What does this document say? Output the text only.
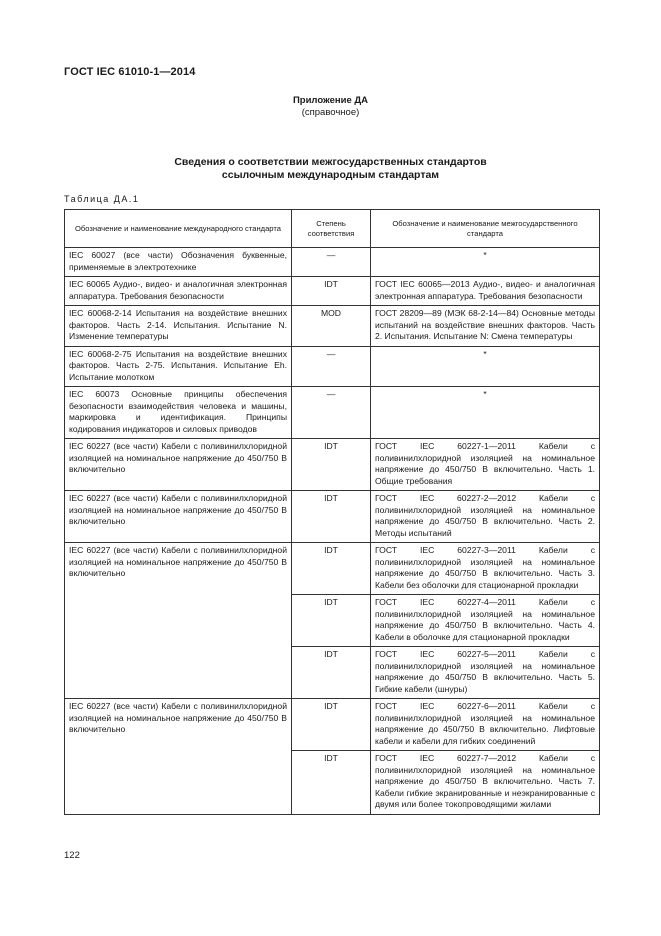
ГОСТ IEC 61010-1—2014
Приложение ДА
(справочное)
Сведения о соответствии межгосударственных стандартов
ссылочным международным стандартам
Таблица ДА.1
Обозначение и наименование международного стандарта	Степень соответствия	Обозначение и наименование межгосударственного стандарта
IEC 60027 (все части) Обозначения буквенные, применяемые в электротехнике	—	*
IEC 60065 Аудио-, видео- и аналогичная электронная аппаратура. Требования безопасности	IDT	ГОСТ IEC 60065—2013 Аудио-, видео- и аналогичная электронная аппаратура. Требования безопасности
IEC 60068-2-14 Испытания на воздействие внешних факторов. Часть 2-14. Испытания. Испытание N. Изменение температуры	MOD	ГОСТ 28209—89 (МЭК 68-2-14—84) Основные методы испытаний на воздействие внешних факторов. Часть 2. Испытания. Испытание N: Смена температуры
IEC 60068-2-75 Испытания на воздействие внешних факторов. Часть 2-75. Испытания. Испытание Eh. Испытание молотком	—	*
IEC 60073 Основные принципы обеспечения безопасности взаимодействия человека и машины, маркировка и идентификация. Принципы кодирования индикаторов и силовых приводов	—	*
IEC 60227 (все части) Кабели с поливинилхлоридной изоляцией на номинальное напряжение до 450/750 В включительно	IDT	ГОСТ IEC 60227-1—2011 Кабели с поливинилхлоридной изоляцией на номинальное напряжение до 450/750 В включительно. Часть 1. Общие требования
IEC 60227 (все части) Кабели с поливинилхлоридной изоляцией на номинальное напряжение до 450/750 В включительно	IDT	ГОСТ IEC 60227-2—2012 Кабели с поливинилхлоридной изоляцией на номинальное напряжение до 450/750 В включительно. Часть 2. Методы испытаний
IEC 60227 (все части) Кабели с поливинилхлоридной изоляцией на номинальное напряжение до 450/750 В включительно	IDT	ГОСТ IEC 60227-3—2011 Кабели с поливинилхлоридной изоляцией на номинальное напряжение до 450/750 В включительно. Часть 3. Кабели без оболочки для стационарной прокладки
	IDT	ГОСТ IEC 60227-4—2011 Кабели с поливинилхлоридной изоляцией на номинальное напряжение до 450/750 В включительно. Часть 4. Кабели в оболочке для стационарной прокладки
	IDT	ГОСТ IEC 60227-5—2011 Кабели с поливинилхлоридной изоляцией на номинальное напряжение до 450/750 В включительно. Часть 5. Гибкие кабели (шнуры)
IEC 60227 (все части) Кабели с поливинилхлоридной изоляцией на номинальное напряжение до 450/750 В включительно	IDT	ГОСТ IEC 60227-6—2011 Кабели с поливинилхлоридной изоляцией на номинальное напряжение до 450/750 В включительно. Лифтовые кабели и кабели для гибких соединений
	IDT	ГОСТ IEC 60227-7—2012 Кабели с поливинилхлоридной изоляцией на номинальное напряжение до 450/750 В включительно. Часть 7. Кабели гибкие экранированные и неэкранированные с двумя или более токопроводящими жилами
122
